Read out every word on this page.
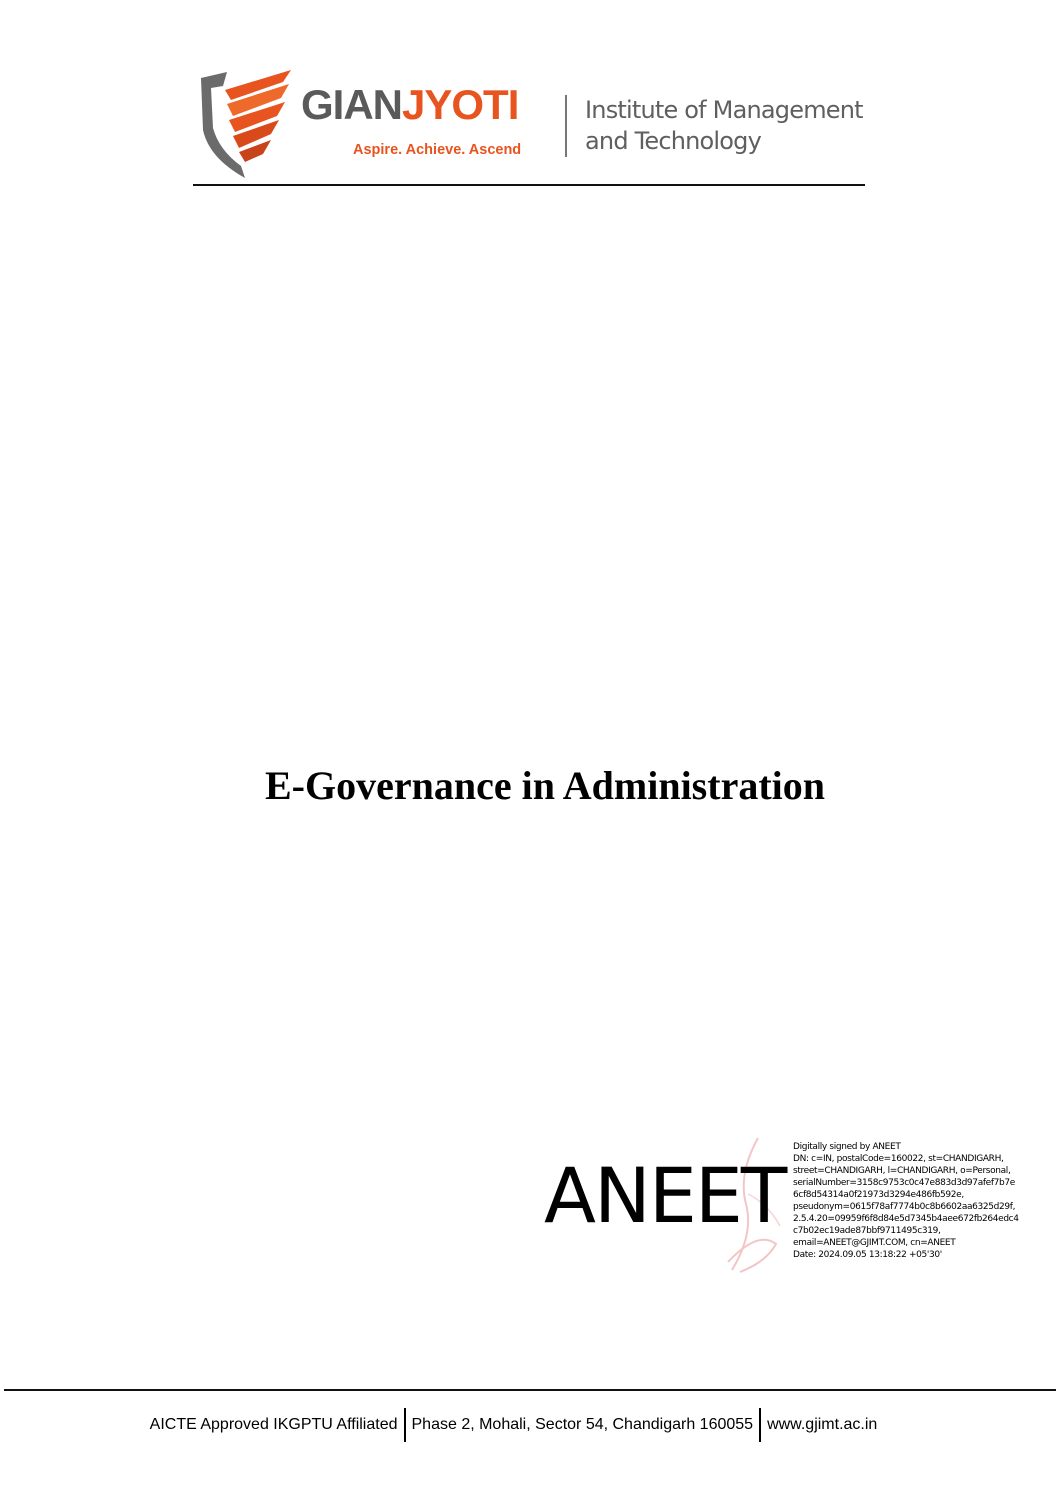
GIANJYOTI
Aspire. Achieve. Ascend
Institute of Management
and Technology
E-Governance in Administration
ANEET
Digitally signed by ANEET
DN: c=IN, postalCode=160022, st=CHANDIGARH,
street=CHANDIGARH, l=CHANDIGARH, o=Personal,
serialNumber=3158c9753c0c47e883d3d97afef7b7e
6cf8d54314a0f21973d3294e486fb592e,
pseudonym=0615f78af7774b0c8b6602aa6325d29f,
2.5.4.20=09959f6f8d84e5d7345b4aee672fb264edc4
c7b02ec19ade87bbf9711495c319,
email=ANEET@GJIMT.COM, cn=ANEET
Date: 2024.09.05 13:18:22 +05'30'
AICTE Approved IKGPTU Affiliated Phase 2, Mohali, Sector 54, Chandigarh 160055 www.gjimt.ac.in
